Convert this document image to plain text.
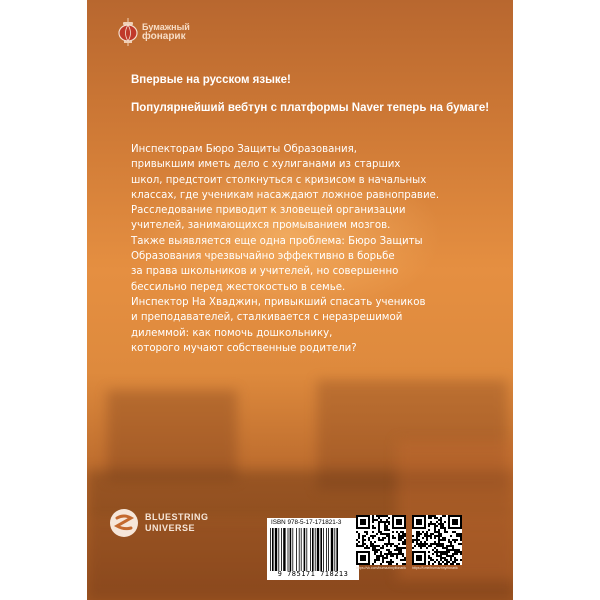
Бумажный
фонарик
Впервые на русском языке!
Популярнейший вебтун с платформы Naver теперь на бумаге!

Инспекторам Бюро Защиты Образования,
привыкшим иметь дело с хулиганами из старших
школ, предстоит столкнуться с кризисом в начальных
классах, где ученикам насаждают ложное равноправие.

Расследование приводит к зловещей организации
учителей, занимающихся промыванием мозгов.

Также выявляется еще одна проблема: Бюро Защиты
Образования чрезвычайно эффективно в борьбе
за права школьников и учителей, но совершенно
бессильно перед жестокостью в семье.

Инспектор На Хваджин, привыкший спасать учеников
и преподавателей, сталкивается с неразрешимой
дилеммой: как помочь дошкольнику,
которого мучают собственные родители?

BLUESTRING
UNIVERSE
ISBN 978-5-17-171821-3
9 785171 718213
https://vk.com/bumazhnyifonarik https://t.me/bumazhnyifonarik
